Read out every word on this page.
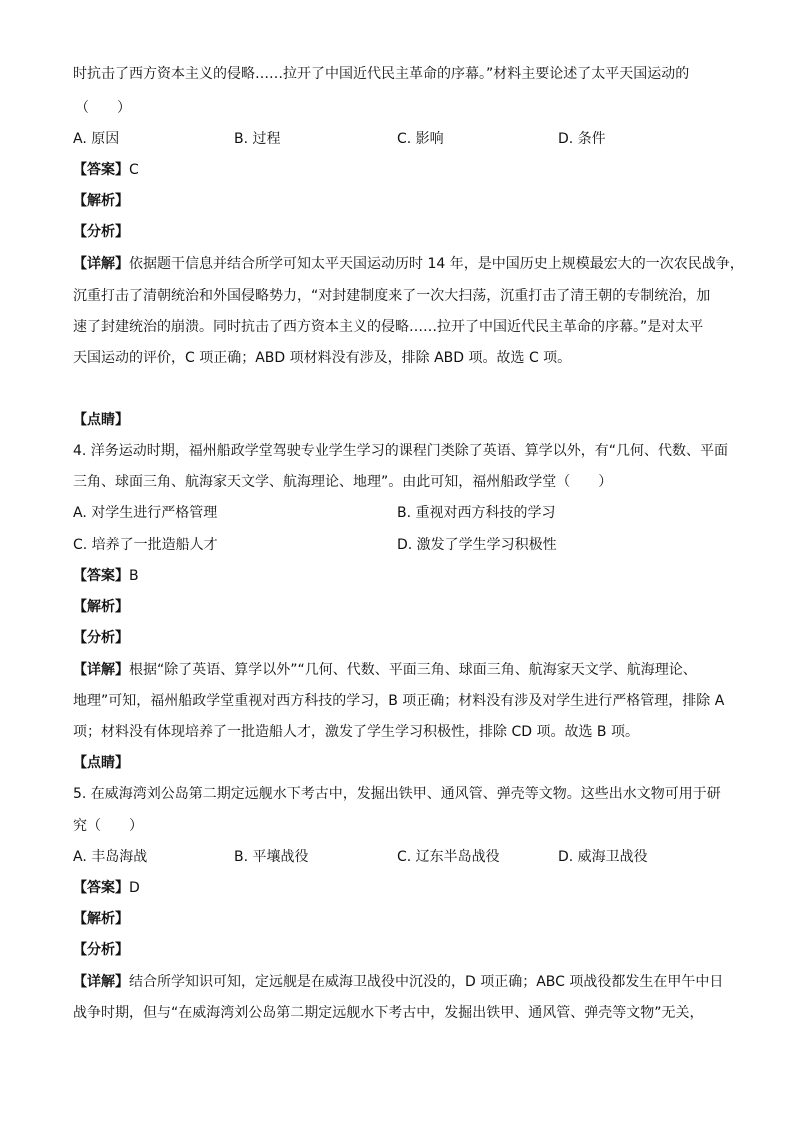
时抗击了西方资本主义的侵略……拉开了中国近代民主革命的序幕。”材料主要论述了太平天国运动的
（　　）
A. 原因	B. 过程	C. 影响	D. 条件
【答案】C
【解析】
【分析】
【详解】依据题干信息并结合所学可知太平天国运动历时 14 年，是中国历史上规模最宏大的一次农民战争，
沉重打击了清朝统治和外国侵略势力，“对封建制度来了一次大扫荡，沉重打击了清王朝的专制统治，加
速了封建统治的崩溃。同时抗击了西方资本主义的侵略……拉开了中国近代民主革命的序幕。”是对太平
天国运动的评价，C 项正确；ABD 项材料没有涉及，排除 ABD 项。故选 C 项。
【点睛】
4. 洋务运动时期，福州船政学堂驾驶专业学生学习的课程门类除了英语、算学以外，有“几何、代数、平面
三角、球面三角、航海家天文学、航海理论、地理”。由此可知，福州船政学堂（　　）
A. 对学生进行严格管理	B. 重视对西方科技的学习
C. 培养了一批造船人才	D. 激发了学生学习积极性
【答案】B
【解析】
【分析】
【详解】根据“除了英语、算学以外”“几何、代数、平面三角、球面三角、航海家天文学、航海理论、
地理”可知，福州船政学堂重视对西方科技的学习，B 项正确；材料没有涉及对学生进行严格管理，排除 A
项；材料没有体现培养了一批造船人才，激发了学生学习积极性，排除 CD 项。故选 B 项。
【点睛】
5. 在威海湾刘公岛第二期定远舰水下考古中，发掘出铁甲、通风管、弹壳等文物。这些出水文物可用于研
究（　　）
A. 丰岛海战	B. 平壤战役	C. 辽东半岛战役	D. 威海卫战役
【答案】D
【解析】
【分析】
【详解】结合所学知识可知，定远舰是在威海卫战役中沉没的，D 项正确；ABC 项战役都发生在甲午中日
战争时期，但与“在威海湾刘公岛第二期定远舰水下考古中，发掘出铁甲、通风管、弹壳等文物”无关，
